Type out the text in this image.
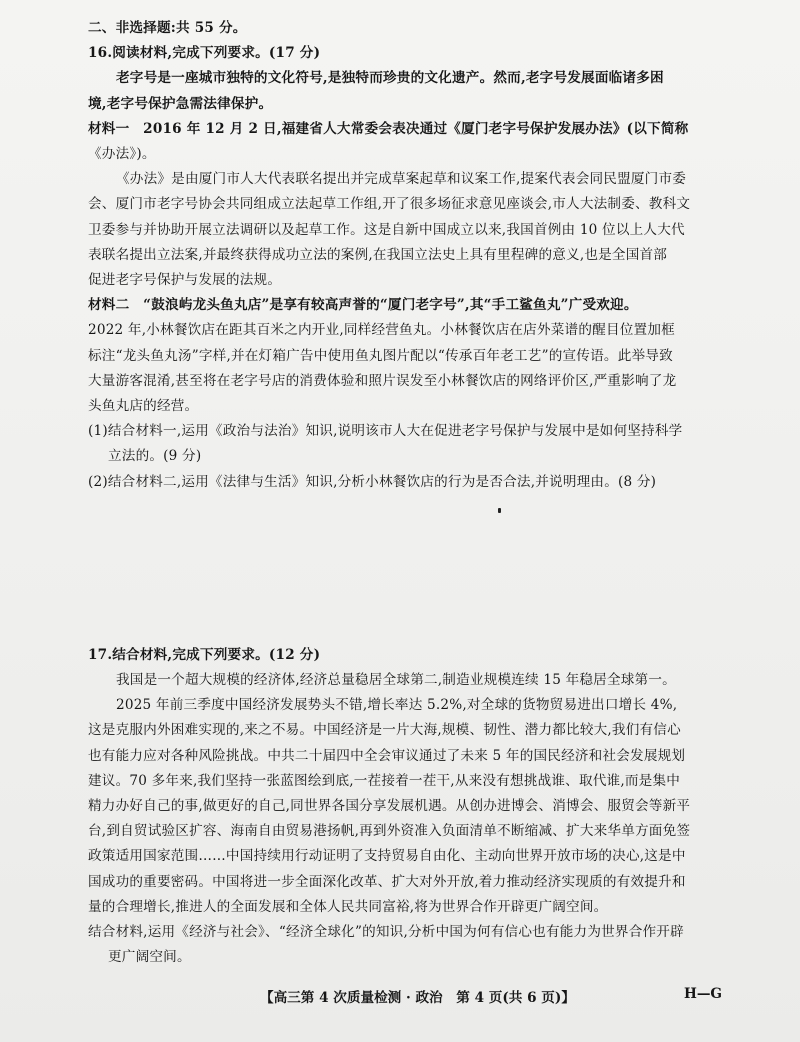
二、非选择题:共 55 分。
16.阅读材料,完成下列要求。(17 分)
老字号是一座城市独特的文化符号,是独特而珍贵的文化遗产。然而,老字号发展面临诸多困
境,老字号保护急需法律保护。
材料一　2016 年 12 月 2 日,福建省人大常委会表决通过《厦门老字号保护发展办法》(以下简称
《办法》)。
《办法》是由厦门市人大代表联名提出并完成草案起草和议案工作,提案代表会同民盟厦门市委
会、厦门市老字号协会共同组成立法起草工作组,开了很多场征求意见座谈会,市人大法制委、教科文
卫委参与并协助开展立法调研以及起草工作。这是自新中国成立以来,我国首例由 10 位以上人大代
表联名提出立法案,并最终获得成功立法的案例,在我国立法史上具有里程碑的意义,也是全国首部
促进老字号保护与发展的法规。
材料二　“鼓浪屿龙头鱼丸店”是享有较高声誉的“厦门老字号”,其“手工鲨鱼丸”广受欢迎。
2022 年,小林餐饮店在距其百米之内开业,同样经营鱼丸。小林餐饮店在店外菜谱的醒目位置加框
标注“龙头鱼丸汤”字样,并在灯箱广告中使用鱼丸图片配以“传承百年老工艺”的宣传语。此举导致
大量游客混淆,甚至将在老字号店的消费体验和照片误发至小林餐饮店的网络评价区,严重影响了龙
头鱼丸店的经营。
(1)结合材料一,运用《政治与法治》知识,说明该市人大在促进老字号保护与发展中是如何坚持科学
立法的。(9 分)
(2)结合材料二,运用《法律与生活》知识,分析小林餐饮店的行为是否合法,并说明理由。(8 分)
17.结合材料,完成下列要求。(12 分)
我国是一个超大规模的经济体,经济总量稳居全球第二,制造业规模连续 15 年稳居全球第一。
2025 年前三季度中国经济发展势头不错,增长率达 5.2%,对全球的货物贸易进出口增长 4%,
这是克服内外困难实现的,来之不易。中国经济是一片大海,规模、韧性、潜力都比较大,我们有信心
也有能力应对各种风险挑战。中共二十届四中全会审议通过了未来 5 年的国民经济和社会发展规划
建议。70 多年来,我们坚持一张蓝图绘到底,一茬接着一茬干,从来没有想挑战谁、取代谁,而是集中
精力办好自己的事,做更好的自己,同世界各国分享发展机遇。从创办进博会、消博会、服贸会等新平
台,到自贸试验区扩容、海南自由贸易港扬帆,再到外资准入负面清单不断缩减、扩大来华单方面免签
政策适用国家范围……中国持续用行动证明了支持贸易自由化、主动向世界开放市场的决心,这是中
国成功的重要密码。中国将进一步全面深化改革、扩大对外开放,着力推动经济实现质的有效提升和
量的合理增长,推进人的全面发展和全体人民共同富裕,将为世界合作开辟更广阔空间。
结合材料,运用《经济与社会》、“经济全球化”的知识,分析中国为何有信心也有能力为世界合作开辟
更广阔空间。
【高三第 4 次质量检测 · 政治　第 4 页(共 6 页)】	H—G
